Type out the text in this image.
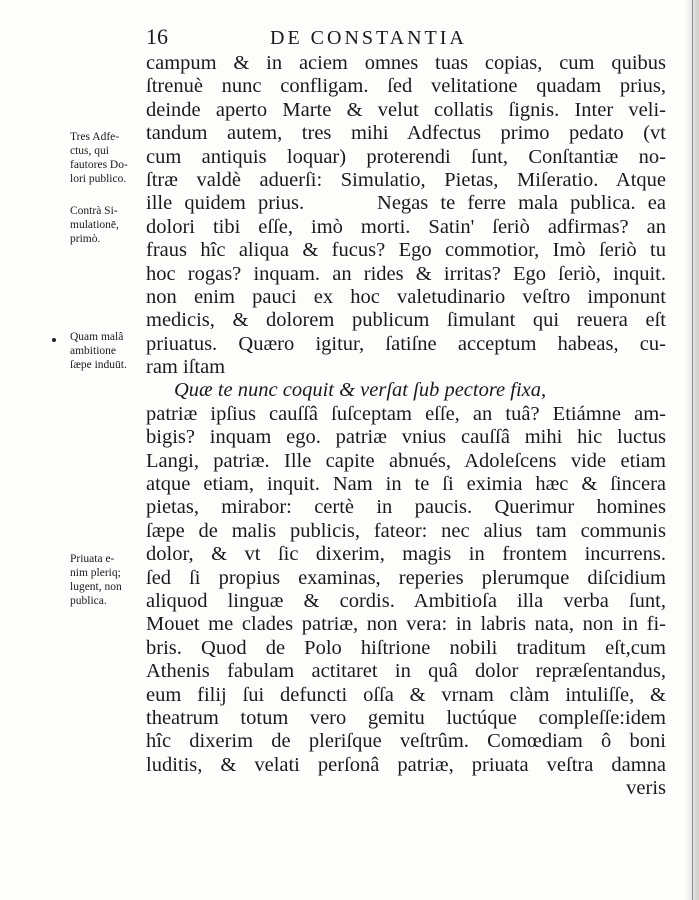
16	DE CONSTANTIA
campum & in aciem omnes tuas copias, cum quibus
ſtrenuè nunc confligam. ſed velitatione quadam prius,
deinde aperto Marte & velut collatis ſignis. Inter veli-
tandum autem, tres mihi Adfectus primo pedato (vt
cum antiquis loquar) proterendi ſunt, Conſtantiæ no-
ſtræ valdè aduerſi: Simulatio, Pietas, Miſeratio. Atque
ille quidem prius.      Negas te ferre mala publica. ea
dolori tibi eſſe, imò morti. Satin' ſeriò adfirmas? an
fraus hîc aliqua & fucus? Ego commotior, Imò ſeriò tu
hoc rogas? inquam. an rides & irritas? Ego ſeriò, inquit.
non enim pauci ex hoc valetudinario veſtro imponunt
medicis, & dolorem publicum ſimulant qui reuera eſt
priuatus. Quæro igitur, ſatiſne acceptum habeas, cu-
ram iſtam
Quæ te nunc coquit & verſat ſub pectore fixa,
patriæ ipſius cauſſâ ſuſceptam eſſe, an tuâ? Etiámne am-
bigis? inquam ego. patriæ vnius cauſſâ mihi hic luctus
Langi, patriæ. Ille capite abnués, Adoleſcens vide etiam
atque etiam, inquit. Nam in te ſi eximia hæc & ſincera
pietas, mirabor: certè in paucis. Querimur homines
ſæpe de malis publicis, fateor: nec alius tam communis
dolor, & vt ſic dixerim, magis in frontem incurrens.
ſed ſi propius examinas, reperies plerumque diſcidium
aliquod linguæ & cordis. Ambitioſa illa verba ſunt,
Mouet me clades patriæ, non vera: in labris nata, non in fi-
bris. Quod de Polo hiſtrione nobili traditum eſt,cum
Athenis fabulam actitaret in quâ dolor repræſentandus,
eum filij ſui defuncti oſſa & vrnam clàm intuliſſe, &
theatrum totum vero gemitu luctúque compleſſe:idem
hîc dixerim de pleriſque veſtrûm. Comœdiam ô boni
luditis, & velati perſonâ patriæ, priuata veſtra damna
veris
Tres Adfe-
ctus, qui
fautores Do-
lori publico.
Contrà Si-
mulationē,
primò.
Quam malâ
ambitione
ſæpe induūt.
Priuata e-
nim pleriq;
lugent, non
publica.
